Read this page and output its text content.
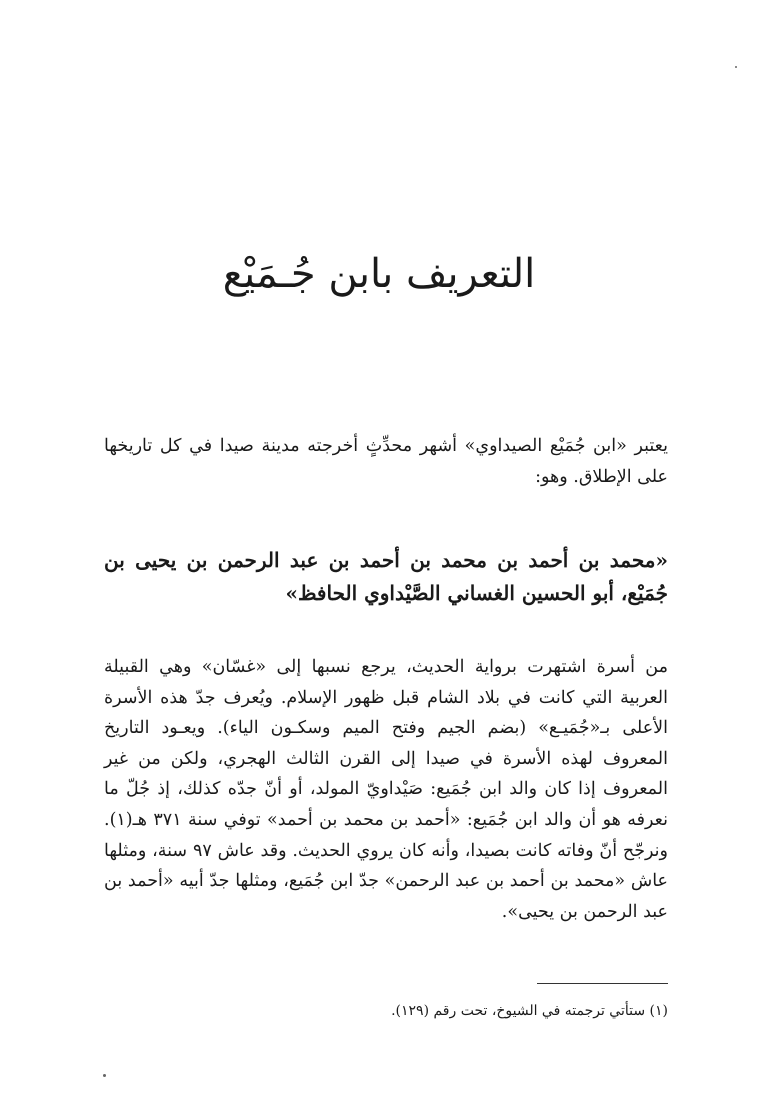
التعريف بابن جُـمَيْع

يعتبر «ابن جُمَيْع الصيداوي» أشهر محدِّثٍ أخرجته مدينة صيدا في كل تاريخها على الإطلاق. وهو:

«محمد بن أحمد بن محمد بن أحمد بن عبد الرحمن بن يحيى بن جُمَيْع، أبو الحسين الغساني الصَّيْداوي الحافظ»

من أسرة اشتهرت برواية الحديث، يرجع نسبها إلى «غسّان» وهي القبيلة العربية التي كانت في بلاد الشام قبل ظهور الإسلام. ويُعرف جدّ هذه الأسرة الأعلى بـ«جُمَيـع» (بضم الجيم وفتح الميم وسكـون الياء). ويعـود التاريخ المعروف لهذه الأسرة في صيدا إلى القرن الثالث الهجري، ولكن من غير المعروف إذا كان والد ابن جُمَيع: صَيْداويّ المولد، أو أنّ جدّه كذلك، إذ جُلّ ما نعرفه هو أن والد ابن جُمَيع: «أحمد بن محمد بن أحمد» توفي سنة ٣٧١ هـ(١). ونرجّح أنّ وفاته كانت بصيدا، وأنه كان يروي الحديث. وقد عاش ٩٧ سنة، ومثلها عاش «محمد بن أحمد بن عبد الرحمن» جدّ ابن جُمَيع، ومثلها جدّ أبيه «أحمد بن عبد الرحمن بن يحيى».

(١) ستأتي ترجمته في الشيوخ، تحت رقم (١٢٩).
